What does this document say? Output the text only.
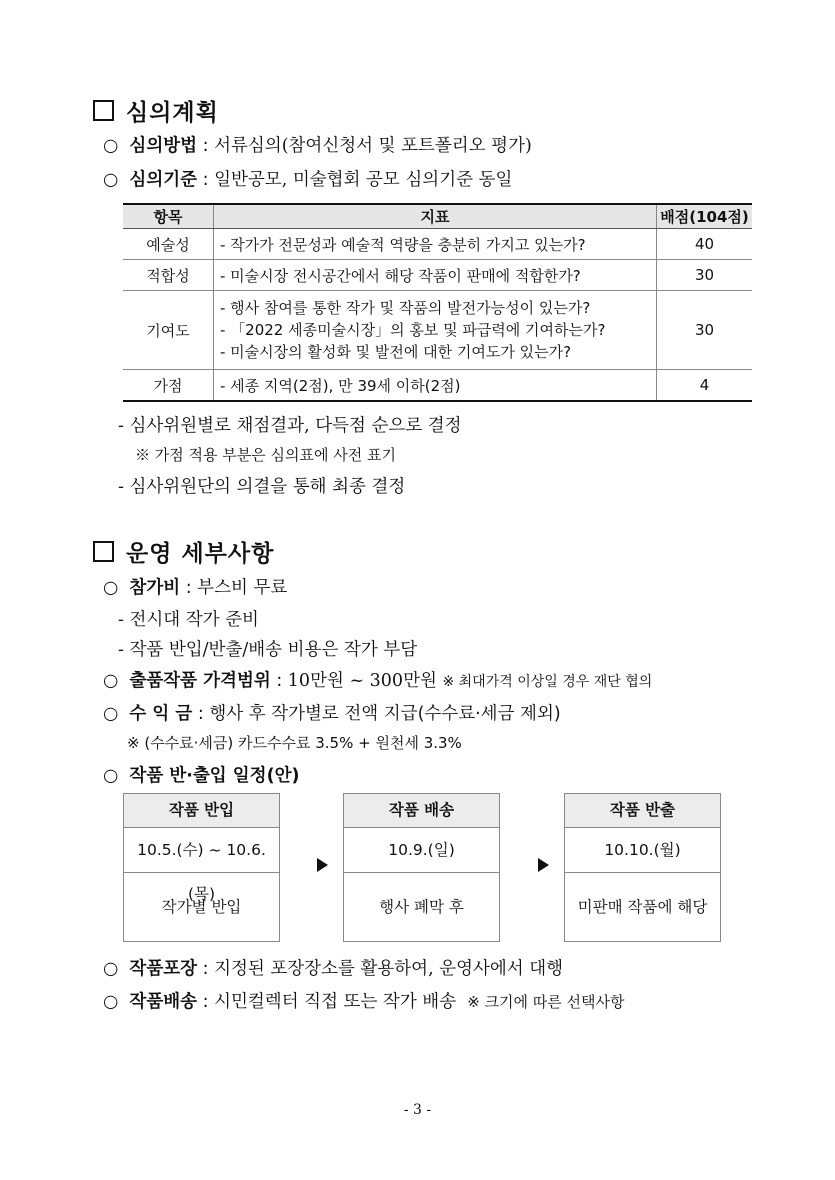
심의계획
○ 심의방법 : 서류심의(참여신청서 및 포트폴리오 평가)
○ 심의기준 : 일반공모, 미술협회 공모 심의기준 동일
항목	지표	배점(104점)
예술성	- 작가가 전문성과 예술적 역량을 충분히 가지고 있는가?	40
적합성	- 미술시장 전시공간에서 해당 작품이 판매에 적합한가?	30
기여도	- 행사 참여를 통한 작가 및 작품의 발전가능성이 있는가?
- 「2022 세종미술시장」의 홍보 및 파급력에 기여하는가?
- 미술시장의 활성화 및 발전에 대한 기여도가 있는가?	30
가점	- 세종 지역(2점), 만 39세 이하(2점)	4
- 심사위원별로 채점결과, 다득점 순으로 결정
※ 가점 적용 부분은 심의표에 사전 표기
- 심사위원단의 의결을 통해 최종 결정
운영 세부사항
○ 참가비 : 부스비 무료
- 전시대 작가 준비
- 작품 반입/반출/배송 비용은 작가 부담
○ 출품작품 가격범위 : 10만원 ~ 300만원 ※ 최대가격 이상일 경우 재단 협의
○ 수 익 금 : 행사 후 작가별로 전액 지급(수수료·세금 제외)
※ (수수료·세금) 카드수수료 3.5% + 원천세 3.3%
○ 작품 반·출입 일정(안)
작품 반입
10.5.(수) ~ 10.6.(목)
작가별 반입
작품 배송
10.9.(일)
행사 폐막 후
작품 반출
10.10.(월)
미판매 작품에 해당
○ 작품포장 : 지정된 포장장소를 활용하여, 운영사에서 대행
○ 작품배송 : 시민컬렉터 직접 또는 작가 배송 ※ 크기에 따른 선택사항
- 3 -
